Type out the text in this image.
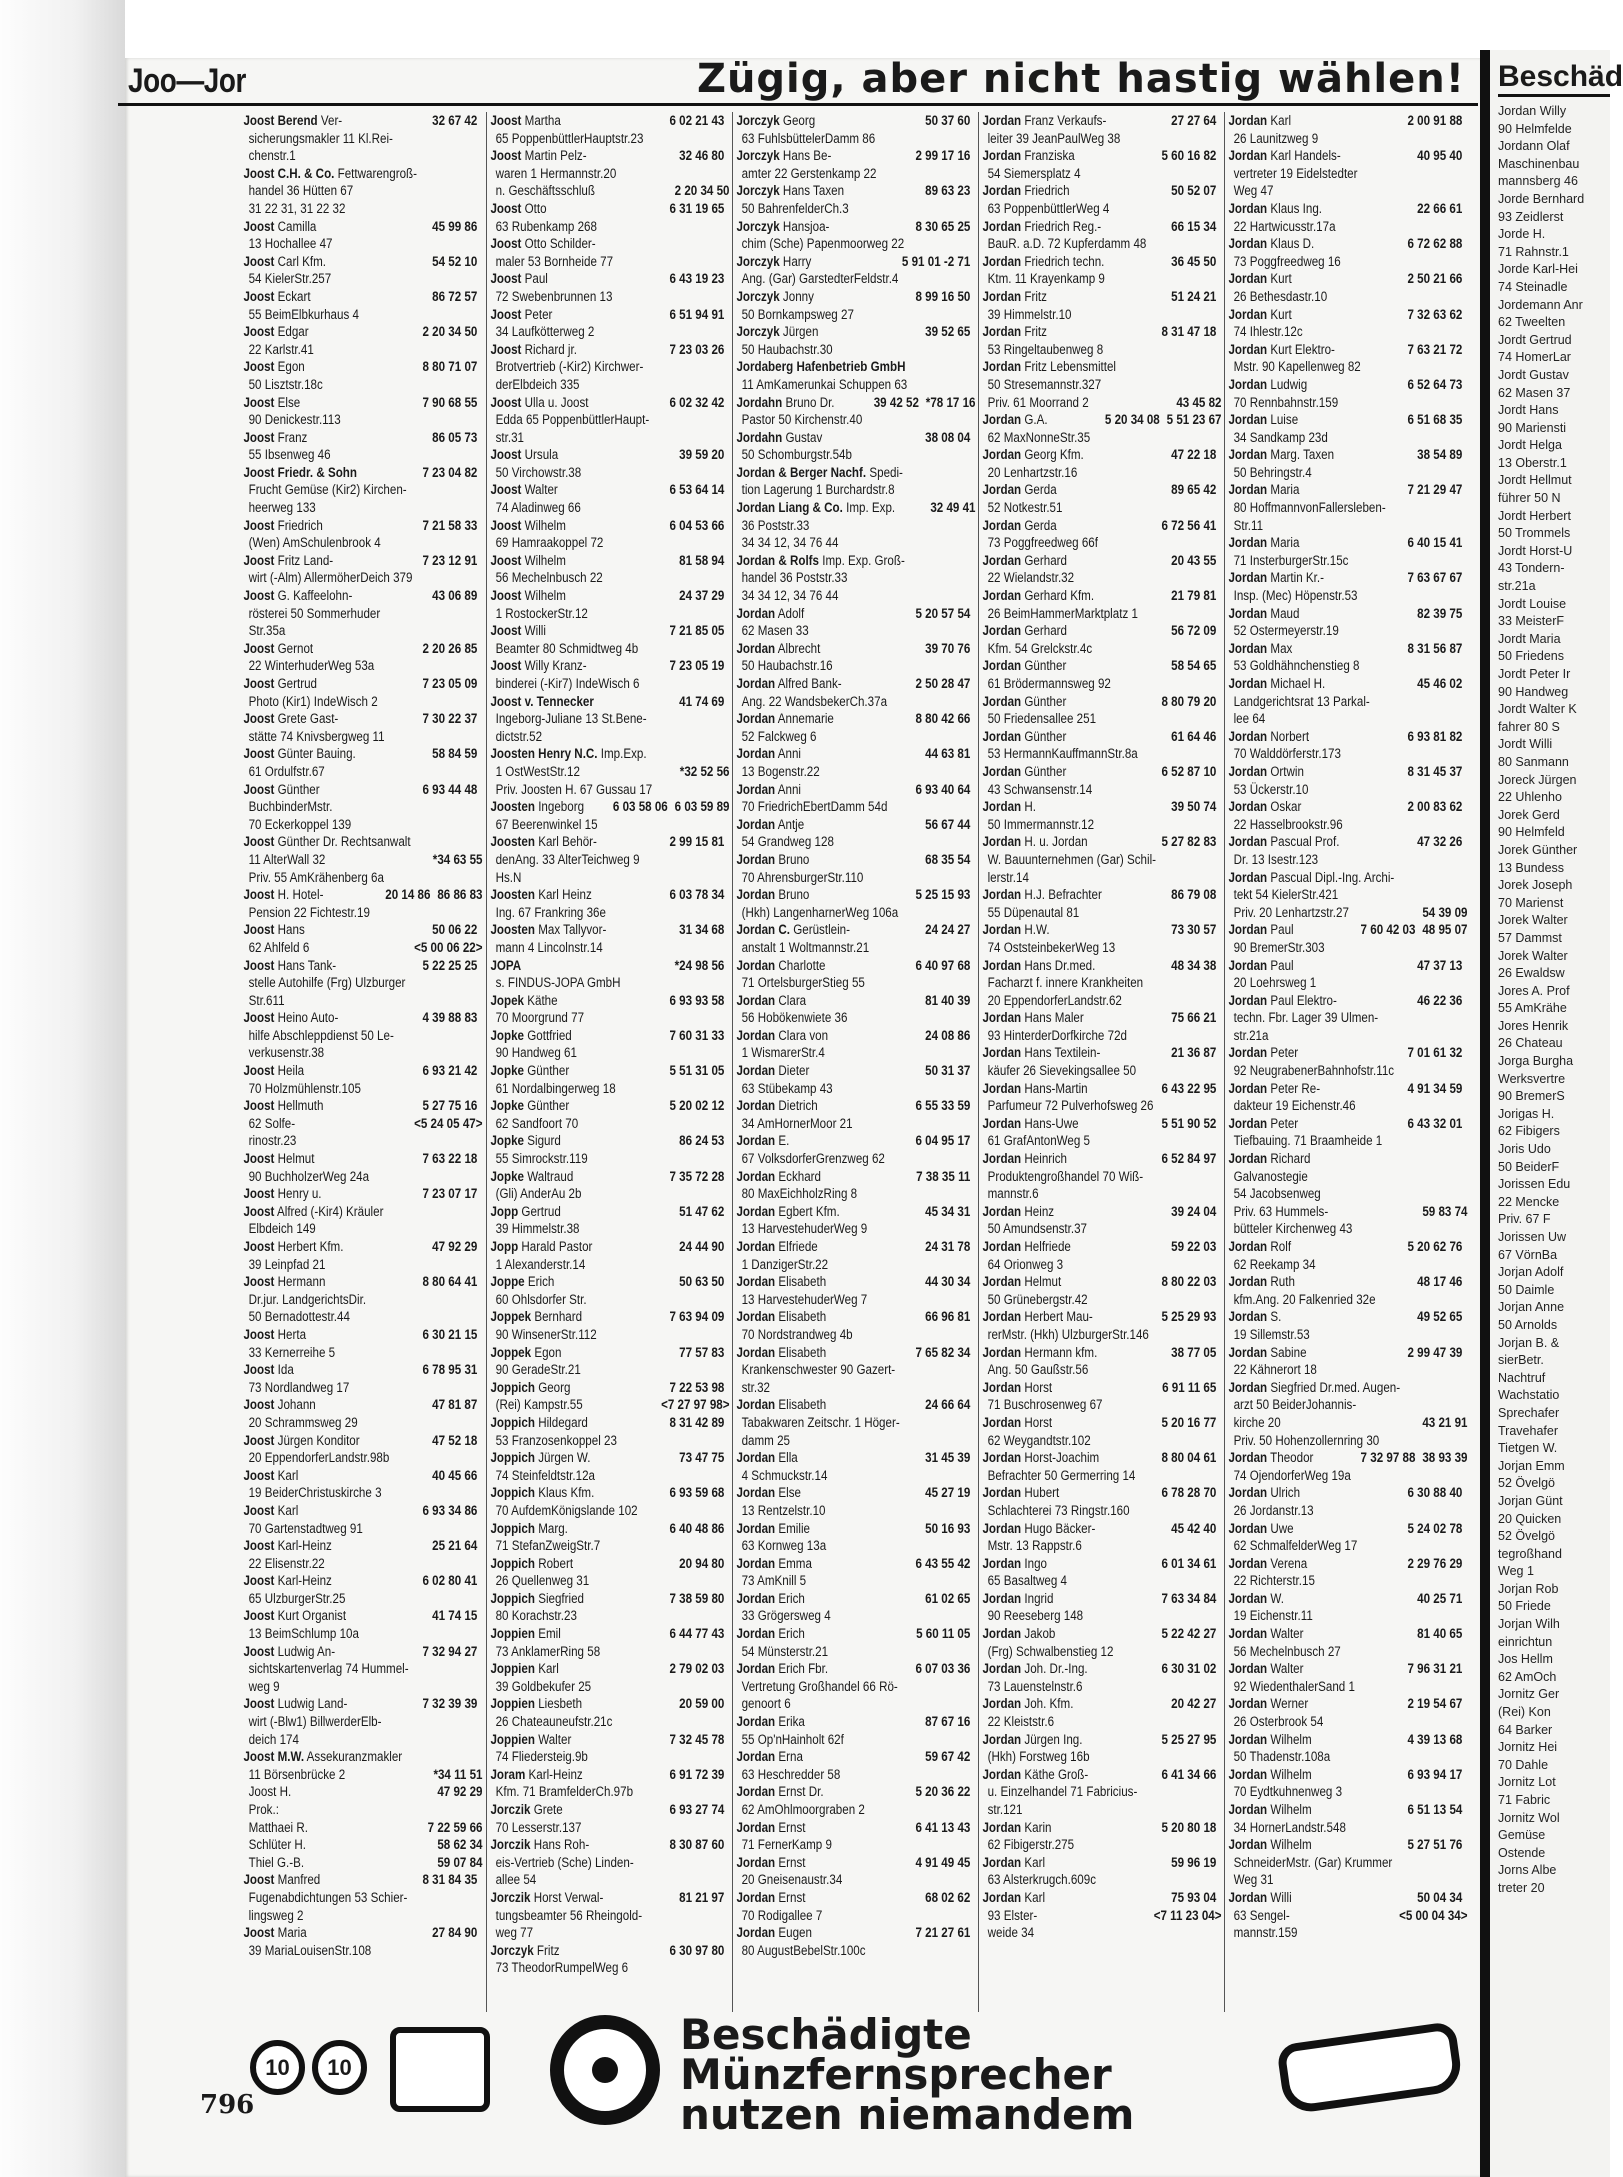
Joo—Jor	Zügig, aber nicht hastig wählen! Beschäd
Jordan Willy
90 Helmfelde
Jordann Olaf
Maschinenbau
mannsberg 46
Jorde Bernhard
93 Zeidlerst
Jorde H.
71 Rahnstr.1
Jorde Karl-Hei
74 Steinadle
Jordemann Anr
62 Tweelten
Jordt Gertrud
74 HomerLar
Jordt Gustav
62 Masen 37
Jordt Hans
90 Mariensti
Jordt Helga
13 Oberstr.1
Jordt Hellmut
führer 50 N
Jordt Herbert
50 Trommels
Jordt Horst-U
43 Tondern-
str.21a
Jordt Louise
33 MeisterF
Jordt Maria
50 Friedens
Jordt Peter Ir
90 Handweg
Jordt Walter K
fahrer 80 S
Jordt Willi
80 Sanmann
Joreck Jürgen
22 Uhlenho
Jorek Gerd
90 Helmfeld
Jorek Günther
13 Bundess
Jorek Joseph
70 Marienst
Jorek Walter
57 Dammst
Jorek Walter
26 Ewaldsw
Jores A. Prof
55 AmKrähe
Jores Henrik
26 Chateau
Jorga Burgha
Werksvertre
90 BremerS
Jorigas H.
62 Fibigers
Joris Udo
50 BeiderF
Jorissen Edu
22 Mencke
Priv. 67 F
Jorissen Uw
67 VörnBa
Jorjan Adolf
50 Daimle
Jorjan Anne
50 Arnolds
Jorjan B. &
sierBetr.
Nachtruf
Wachstatio
Sprechafer
Travehafer
Tietgen W.
Jorjan Emm
52 Övelgö
Jorjan Günt
20 Quicken
52 Övelgö
tegroßhand
Weg 1
Jorjan Rob
50 Friede
Jorjan Wilh
einrichtun
Jos Hellm
62 AmOch
Jornitz Ger
(Rei) Kon
64 Barker
Jornitz Hei
70 Dahle
Jornitz Lot
71 Fabric
Jornitz Wol
Gemüse
Ostende
Jorns Albe
treter 20
32 67 42
Joost Berend Ver-
sicherungsmakler 11 Kl.Rei-
chenstr.1
Joost C.H. & Co. Fettwarengroß-
handel 36 Hütten 67
31 22 31, 31 22 32
45 99 86
Joost Camilla
13 Hochallee 47
54 52 10
Joost Carl Kfm.
54 KielerStr.257
86 72 57
Joost Eckart
55 BeimElbkurhaus 4
2 20 34 50
Joost Edgar
22 Karlstr.41
8 80 71 07
Joost Egon
50 Lisztstr.18c
7 90 68 55
Joost Else
90 Denickestr.113
86 05 73
Joost Franz
55 Ibsenweg 46
7 23 04 82
Joost Friedr. & Sohn
Frucht Gemüse (Kir2) Kirchen-
heerweg 133
7 21 58 33
Joost Friedrich
(Wen) AmSchulenbrook 4
7 23 12 91
Joost Fritz Land-
wirt (-Alm) AllermöherDeich 379
43 06 89
Joost G. Kaffeelohn-
rösterei 50 Sommerhuder
Str.35a
2 20 26 85
Joost Gernot
22 WinterhuderWeg 53a
7 23 05 09
Joost Gertrud
Photo (Kir1) IndeWisch 2
7 30 22 37
Joost Grete Gast-
stätte 74 Knivsbergweg 11
58 84 59
Joost Günter Bauing.
61 Ordulfstr.67
6 93 44 48
Joost Günther
BuchbinderMstr.
70 Eckerkoppel 139
Joost Günther Dr. Rechtsanwalt
*34 63 55
11 AlterWall 32
Priv. 55 AmKrähenberg 6a
86 86 83
20 14 86
Joost H. Hotel-
Pension 22 Fichtestr.19
50 06 22
Joost Hans
<5 00 06 22>
62 Ahlfeld 6
5 22 25 25
Joost Hans Tank-
stelle Autohilfe (Frg) Ulzburger
Str.611
4 39 88 83
Joost Heino Auto-
hilfe Abschleppdienst 50 Le-
verkusenstr.38
6 93 21 42
Joost Heila
70 Holzmühlenstr.105
5 27 75 16
Joost Hellmuth
<5 24 05 47>
62 Solfe-
rinostr.23
7 63 22 18
Joost Helmut
90 BuchholzerWeg 24a
7 23 07 17
Joost Henry u.
Joost Alfred (-Kir4) Kräuler
Elbdeich 149
47 92 29
Joost Herbert Kfm.
39 Leinpfad 21
8 80 64 41
Joost Hermann
Dr.jur. LandgerichtsDir.
50 Bernadottestr.44
6 30 21 15
Joost Herta
33 Kernerreihe 5
6 78 95 31
Joost Ida
73 Nordlandweg 17
47 81 87
Joost Johann
20 Schrammsweg 29
47 52 18
Joost Jürgen Konditor
20 EppendorferLandstr.98b
40 45 66
Joost Karl
19 BeiderChristuskirche 3
6 93 34 86
Joost Karl
70 Gartenstadtweg 91
25 21 64
Joost Karl-Heinz
22 Elisenstr.22
6 02 80 41
Joost Karl-Heinz
65 UlzburgerStr.25
41 74 15
Joost Kurt Organist
13 BeimSchlump 10a
7 32 94 27
Joost Ludwig An-
sichtskartenverlag 74 Hummel-
weg 9
7 32 39 39
Joost Ludwig Land-
wirt (-Blw1) BillwerderElb-
deich 174
Joost M.W. Assekuranzmakler
*34 11 51
11 Börsenbrücke 2
47 92 29
Joost H.
Prok.:
7 22 59 66
Matthaei R.
58 62 34
Schlüter H.
59 07 84
Thiel G.-B.
8 31 84 35
Joost Manfred
Fugenabdichtungen 53 Schier-
lingsweg 2
27 84 90
Joost Maria
39 MariaLouisenStr.108
6 02 21 43
Joost Martha
65 PoppenbüttlerHauptstr.23
32 46 80
Joost Martin Pelz-
waren 1 Hermannstr.20
2 20 34 50
n. Geschäftsschluß
6 31 19 65
Joost Otto
63 Rubenkamp 268
Joost Otto Schilder-
maler 53 Bornheide 77
6 43 19 23
Joost Paul
72 Swebenbrunnen 13
6 51 94 91
Joost Peter
34 Laufkötterweg 2
7 23 03 26
Joost Richard jr.
Brotvertrieb (-Kir2) Kirchwer-
derElbdeich 335
6 02 32 42
Joost Ulla u. Joost
Edda 65 PoppenbüttlerHaupt-
str.31
39 59 20
Joost Ursula
50 Virchowstr.38
6 53 64 14
Joost Walter
74 Aladinweg 66
6 04 53 66
Joost Wilhelm
69 Hamraakoppel 72
81 58 94
Joost Wilhelm
56 Mechelnbusch 22
24 37 29
Joost Wilhelm
1 RostockerStr.12
7 21 85 05
Joost Willi
Beamter 80 Schmidtweg 4b
7 23 05 19
Joost Willy Kranz-
binderei (-Kir7) IndeWisch 6
41 74 69
Joost v. Tennecker
Ingeborg-Juliane 13 St.Bene-
dictstr.52
Joosten Henry N.C. Imp.Exp.
*32 52 56
1 OstWestStr.12
Priv. Joosten H. 67 Gussau 17
6 03 59 89
6 03 58 06
Joosten Ingeborg
67 Beerenwinkel 15
2 99 15 81
Joosten Karl Behör-
denAng. 33 AlterTeichweg 9
Hs.N
6 03 78 34
Joosten Karl Heinz
Ing. 67 Frankring 36e
31 34 68
Joosten Max Tallyvor-
mann 4 Lincolnstr.14
*24 98 56
JOPA
s. FINDUS-JOPA GmbH
6 93 93 58
Jopek Käthe
70 Moorgrund 77
7 60 31 33
Jopke Gottfried
90 Handweg 61
5 51 31 05
Jopke Günther
61 Nordalbingerweg 18
5 20 02 12
Jopke Günther
62 Sandfoort 70
86 24 53
Jopke Sigurd
55 Simrockstr.119
7 35 72 28
Jopke Waltraud
(Gli) AnderAu 2b
51 47 62
Jopp Gertrud
39 Himmelstr.38
24 44 90
Jopp Harald Pastor
1 Alexanderstr.14
50 63 50
Joppe Erich
60 Ohlsdorfer Str.
7 63 94 09
Joppek Bernhard
90 WinsenerStr.112
77 57 83
Joppek Egon
90 GeradeStr.21
7 22 53 98
Joppich Georg
<7 27 97 98>
(Rei) Kampstr.55
8 31 42 89
Joppich Hildegard
53 Franzosenkoppel 23
73 47 75
Joppich Jürgen W.
74 Steinfeldtstr.12a
6 93 59 68
Joppich Klaus Kfm.
70 AufdemKönigslande 102
6 40 48 86
Joppich Marg.
71 StefanZweigStr.7
20 94 80
Joppich Robert
26 Quellenweg 31
7 38 59 80
Joppich Siegfried
80 Korachstr.23
6 44 77 43
Joppien Emil
73 AnklamerRing 58
2 79 02 03
Joppien Karl
39 Goldbekufer 25
20 59 00
Joppien Liesbeth
26 Chateauneufstr.21c
7 32 45 78
Joppien Walter
74 Fliedersteig.9b
6 91 72 39
Joram Karl-Heinz
Kfm. 71 BramfelderCh.97b
6 93 27 74
Jorczik Grete
70 Lesserstr.137
8 30 87 60
Jorczik Hans Roh-
eis-Vertrieb (Sche) Linden-
allee 54
81 21 97
Jorczik Horst Verwal-
tungsbeamter 56 Rheingold-
weg 77
6 30 97 80
Jorczyk Fritz
73 TheodorRumpelWeg 6
50 37 60
Jorczyk Georg
63 FuhlsbüttelerDamm 86
2 99 17 16
Jorczyk Hans Be-
amter 22 Gerstenkamp 22
89 63 23
Jorczyk Hans Taxen
50 BahrenfelderCh.3
8 30 65 25
Jorczyk Hansjoa-
chim (Sche) Papenmoorweg 22
5 91 01 -2 71
Jorczyk Harry
Ang. (Gar) GarstedterFeldstr.4
8 99 16 50
Jorczyk Jonny
50 Bornkampsweg 27
39 52 65
Jorczyk Jürgen
50 Haubachstr.30
Jordaberg Hafenbetrieb GmbH
11 AmKamerunkai Schuppen 63
*78 17 16
39 42 52
Jordahn Bruno Dr.
Pastor 50 Kirchenstr.40
38 08 04
Jordahn Gustav
50 Schomburgstr.54b
Jordan & Berger Nachf. Spedi-
tion Lagerung 1 Burchardstr.8
32 49 41
Jordan Liang & Co. Imp. Exp.
36 Poststr.33
34 34 12, 34 76 44
Jordan & Rolfs Imp. Exp. Groß-
handel 36 Poststr.33
34 34 12, 34 76 44
5 20 57 54
Jordan Adolf
62 Masen 33
39 70 76
Jordan Albrecht
50 Haubachstr.16
2 50 28 47
Jordan Alfred Bank-
Ang. 22 WandsbekerCh.37a
8 80 42 66
Jordan Annemarie
52 Falckweg 6
44 63 81
Jordan Anni
13 Bogenstr.22
6 93 40 64
Jordan Anni
70 FriedrichEbertDamm 54d
56 67 44
Jordan Antje
54 Grandweg 128
68 35 54
Jordan Bruno
70 AhrensburgerStr.110
5 25 15 93
Jordan Bruno
(Hkh) LangenharnerWeg 106a
24 24 27
Jordan C. Gerüstlein-
anstalt 1 Woltmannstr.21
6 40 97 68
Jordan Charlotte
71 OrtelsburgerStieg 55
81 40 39
Jordan Clara
56 Hobökenwiete 36
24 08 86
Jordan Clara von
1 WismarerStr.4
50 31 37
Jordan Dieter
63 Stübekamp 43
6 55 33 59
Jordan Dietrich
34 AmHornerMoor 21
6 04 95 17
Jordan E.
67 VolksdorferGrenzweg 62
7 38 35 11
Jordan Eckhard
80 MaxEichholzRing 8
45 34 31
Jordan Egbert Kfm.
13 HarvestehuderWeg 9
24 31 78
Jordan Elfriede
1 DanzigerStr.22
44 30 34
Jordan Elisabeth
13 HarvestehuderWeg 7
66 96 81
Jordan Elisabeth
70 Nordstrandweg 4b
7 65 82 34
Jordan Elisabeth
Krankenschwester 90 Gazert-
str.32
24 66 64
Jordan Elisabeth
Tabakwaren Zeitschr. 1 Höger-
damm 25
31 45 39
Jordan Ella
4 Schmuckstr.14
45 27 19
Jordan Else
13 Rentzelstr.10
50 16 93
Jordan Emilie
63 Kornweg 13a
6 43 55 42
Jordan Emma
73 AmKnill 5
61 02 65
Jordan Erich
33 Grögersweg 4
5 60 11 05
Jordan Erich
54 Münsterstr.21
6 07 03 36
Jordan Erich Fbr.
Vertretung Großhandel 66 Rö-
genoort 6
87 67 16
Jordan Erika
55 Op'nHainholt 62f
59 67 42
Jordan Erna
63 Heschredder 58
5 20 36 22
Jordan Ernst Dr.
62 AmOhlmoorgraben 2
6 41 13 43
Jordan Ernst
71 FernerKamp 9
4 91 49 45
Jordan Ernst
20 Gneisenaustr.34
68 02 62
Jordan Ernst
70 Rodigallee 7
7 21 27 61
Jordan Eugen
80 AugustBebelStr.100c
27 27 64
Jordan Franz Verkaufs-
leiter 39 JeanPaulWeg 38
5 60 16 82
Jordan Franziska
54 Siemersplatz 4
50 52 07
Jordan Friedrich
63 PoppenbüttlerWeg 4
66 15 34
Jordan Friedrich Reg.-
BauR. a.D. 72 Kupferdamm 48
36 45 50
Jordan Friedrich techn.
Ktm. 11 Krayenkamp 9
51 24 21
Jordan Fritz
39 Himmelstr.10
8 31 47 18
Jordan Fritz
53 Ringeltaubenweg 8
Jordan Fritz Lebensmittel
50 Stresemannstr.327
43 45 82
Priv. 61 Moorrand 2
5 51 23 67
5 20 34 08
Jordan G.A.
62 MaxNonneStr.35
47 22 18
Jordan Georg Kfm.
20 Lenhartzstr.16
89 65 42
Jordan Gerda
52 Notkestr.51
6 72 56 41
Jordan Gerda
73 Poggfreedweg 66f
20 43 55
Jordan Gerhard
22 Wielandstr.32
21 79 81
Jordan Gerhard Kfm.
26 BeimHammerMarktplatz 1
56 72 09
Jordan Gerhard
Kfm. 54 Grelckstr.4c
58 54 65
Jordan Günther
61 Brödermannsweg 92
8 80 79 20
Jordan Günther
50 Friedensallee 251
61 64 46
Jordan Günther
53 HermannKauffmannStr.8a
6 52 87 10
Jordan Günther
43 Schwansenstr.14
39 50 74
Jordan H.
50 Immermannstr.12
5 27 82 83
Jordan H. u. Jordan
W. Bauunternehmen (Gar) Schil-
lerstr.14
86 79 08
Jordan H.J. Befrachter
55 Düpenautal 81
73 30 57
Jordan H.W.
74 OststeinbekerWeg 13
48 34 38
Jordan Hans Dr.med.
Facharzt f. innere Krankheiten
20 EppendorferLandstr.62
75 66 21
Jordan Hans Maler
93 HinterderDorfkirche 72d
21 36 87
Jordan Hans Textilein-
käufer 26 Sievekingsallee 50
6 43 22 95
Jordan Hans-Martin
Parfumeur 72 Pulverhofsweg 26
5 51 90 52
Jordan Hans-Uwe
61 GrafAntonWeg 5
6 52 84 97
Jordan Heinrich
Produktengroßhandel 70 Wiß-
mannstr.6
39 24 04
Jordan Heinz
50 Amundsenstr.37
59 22 03
Jordan Helfriede
64 Orionweg 3
8 80 22 03
Jordan Helmut
50 Grünebergstr.42
5 25 29 93
Jordan Herbert Mau-
rerMstr. (Hkh) UlzburgerStr.146
38 77 05
Jordan Hermann kfm.
Ang. 50 Gaußstr.56
6 91 11 65
Jordan Horst
71 Buschrosenweg 67
5 20 16 77
Jordan Horst
62 Weygandtstr.102
8 80 04 61
Jordan Horst-Joachim
Befrachter 50 Germerring 14
6 78 28 70
Jordan Hubert
Schlachterei 73 Ringstr.160
45 42 40
Jordan Hugo Bäcker-
Mstr. 13 Rappstr.6
6 01 34 61
Jordan Ingo
65 Basaltweg 4
7 63 34 84
Jordan Ingrid
90 Reeseberg 148
5 22 42 27
Jordan Jakob
(Frg) Schwalbenstieg 12
6 30 31 02
Jordan Joh. Dr.-Ing.
73 Lauenstelnstr.6
20 42 27
Jordan Joh. Kfm.
22 Kleiststr.6
5 25 27 95
Jordan Jürgen Ing.
(Hkh) Forstweg 16b
6 41 34 66
Jordan Käthe Groß-
u. Einzelhandel 71 Fabricius-
str.121
5 20 80 18
Jordan Karin
62 Fibigerstr.275
59 96 19
Jordan Karl
63 Alsterkrugch.609c
75 93 04
Jordan Karl
<7 11 23 04>
93 Elster-
weide 34
2 00 91 88
Jordan Karl
26 Launitzweg 9
40 95 40
Jordan Karl Handels-
vertreter 19 Eidelstedter
Weg 47
22 66 61
Jordan Klaus Ing.
22 Hartwicusstr.17a
6 72 62 88
Jordan Klaus D.
73 Poggfreedweg 16
2 50 21 66
Jordan Kurt
26 Bethesdastr.10
7 32 63 62
Jordan Kurt
74 Ihlestr.12c
7 63 21 72
Jordan Kurt Elektro-
Mstr. 90 Kapellenweg 82
6 52 64 73
Jordan Ludwig
70 Rennbahnstr.159
6 51 68 35
Jordan Luise
34 Sandkamp 23d
38 54 89
Jordan Marg. Taxen
50 Behringstr.4
7 21 29 47
Jordan Maria
80 HoffmannvonFallersleben-
Str.11
6 40 15 41
Jordan Maria
71 InsterburgerStr.15c
7 63 67 67
Jordan Martin Kr.-
Insp. (Mec) Höpenstr.53
82 39 75
Jordan Maud
52 Ostermeyerstr.19
8 31 56 87
Jordan Max
53 Goldhähnchenstieg 8
45 46 02
Jordan Michael H.
Landgerichtsrat 13 Parkal-
lee 64
6 93 81 82
Jordan Norbert
70 Walddörferstr.173
8 31 45 37
Jordan Ortwin
53 Ückerstr.10
2 00 83 62
Jordan Oskar
22 Hasselbrookstr.96
47 32 26
Jordan Pascual Prof.
Dr. 13 Isestr.123
Jordan Pascual Dipl.-Ing. Archi-
tekt 54 KielerStr.421
54 39 09
Priv. 20 Lenhartzstr.27
48 95 07
7 60 42 03
Jordan Paul
90 BremerStr.303
47 37 13
Jordan Paul
20 Loehrsweg 1
46 22 36
Jordan Paul Elektro-
techn. Fbr. Lager 39 Ulmen-
str.21a
7 01 61 32
Jordan Peter
92 NeugrabenerBahnhofstr.11c
4 91 34 59
Jordan Peter Re-
dakteur 19 Eichenstr.46
6 43 32 01
Jordan Peter
Tiefbauing. 71 Braamheide 1
Jordan Richard
Galvanostegie
54 Jacobsenweg
59 83 74
Priv. 63 Hummels-
bütteler Kirchenweg 43
5 20 62 76
Jordan Rolf
62 Reekamp 34
48 17 46
Jordan Ruth
kfm.Ang. 20 Falkenried 32e
49 52 65
Jordan S.
19 Sillemstr.53
2 99 47 39
Jordan Sabine
22 Kähnerort 18
Jordan Siegfried Dr.med. Augen-
arzt 50 BeiderJohannis-
43 21 91
kirche 20
Priv. 50 Hohenzollernring 30
38 93 39
7 32 97 88
Jordan Theodor
74 OjendorferWeg 19a
6 30 88 40
Jordan Ulrich
26 Jordanstr.13
5 24 02 78
Jordan Uwe
62 SchmalfelderWeg 17
2 29 76 29
Jordan Verena
22 Richterstr.15
40 25 71
Jordan W.
19 Eichenstr.11
81 40 65
Jordan Walter
56 Mechelnbusch 27
7 96 31 21
Jordan Walter
92 WiedenthalerSand 1
2 19 54 67
Jordan Werner
26 Osterbrook 54
4 39 13 68
Jordan Wilhelm
50 Thadenstr.108a
6 93 94 17
Jordan Wilhelm
70 Eydtkuhnenweg 3
6 51 13 54
Jordan Wilhelm
34 HornerLandstr.548
5 27 51 76
Jordan Wilhelm
SchneiderMstr. (Gar) Krummer
Weg 31
50 04 34
Jordan Willi
<5 00 04 34>
63 Sengel-
mannstr.159
796
10	10
Beschädigte
Münzfernsprecher
nutzen niemandem
